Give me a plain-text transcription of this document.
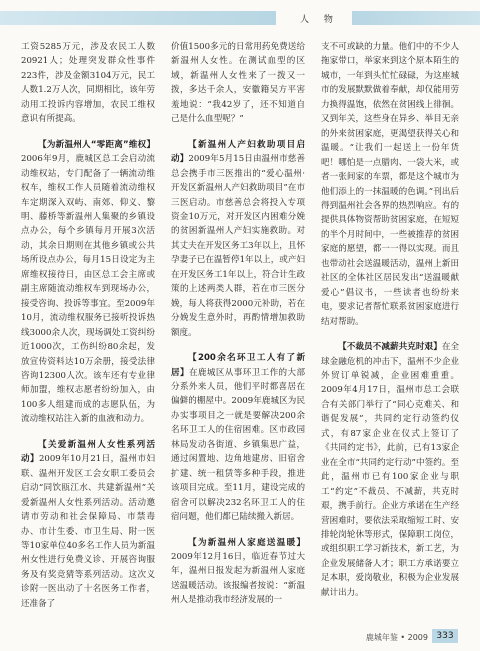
人 物

工资5285万元，涉及农民工人数20921人；处理突发群众性事件223件，涉及金额3104万元，民工人数1.2万人次，同期相比，该年劳动用工投诉内容增加，农民工维权意识有所提高。

【为新温州人“零距离”维权】2006年9月，鹿城区总工会启动流动维权站，专门配备了一辆流动维权车，维权工作人员随着流动维权车定期深入双屿、南郊、仰义、黎明、藤桥等新温州人集聚的乡镇设点办公，每个乡镇每月开展3次活动，其余日期则在其他乡镇或公共场所设点办公，每月15日设定为主席维权接待日，由区总工会主席或副主席随流动维权车到现场办公，接受咨询、投诉等事宜。至2009年10月，流动维权服务已接听投诉热线3000余人次，现场调处工资纠纷近1000次，工伤纠纷80余起，发放宣传资料达10万余册，接受法律咨询12300人次。该车还有专业律师加盟，维权志愿者纷纷加入，由100多人组建而成的志愿队伍，为流动维权站注入新的血液和动力。

【关爱新温州人女性系列活动】2009年10月21日，温州市妇联、温州开发区工会女职工委员会启动“同饮瓯江水、共建新温州”关爱新温州人女性系列活动。活动邀请市劳动和社会保障局、市禁毒办、市计生委、市卫生局、附一医等10家单位40多名工作人员为新温州女性进行免费义诊、开展咨询服务及有奖竞猜等系列活动。这次义诊附一医出动了十名医务工作者，还准备了

价值1500多元的日常用药免费送给新温州人女性。在测试血型的区域，新温州人女性来了一拨又一拨，多达千余人，安徽籍吴方平害羞地说：“我42岁了，还不知道自己是什么血型呢？”

【新温州人产妇救助项目启动】2009年5月15日由温州市慈善总会携手市三医推出的“爱心温州·开发区新温州人产妇救助项目”在市三医启动。市慈善总会将投入专项资金10万元，对开发区内困难分娩的贫困新温州人产妇实施救助。对其丈夫在开发区务工3年以上，且怀孕妻子已在温暂停1年以上，或产妇在开发区务工1年以上，符合计生政策的上述两类人群，若在市三医分娩，每人将获得2000元补助，若在分娩发生意外时，再酌情增加救助额度。

【200余名环卫工人有了新居】在鹿城区从事环卫工作的大部分系外来人员，他们平时都喜居在偏僻的棚屋中。2009年鹿城区为民办实事项目之一就是要解决200余名环卫工人的住宿困难。区市政园林局发动各街道、乡镇集思广益，通过闲置地、边角地建房、旧宿舍扩建、统一租赁等多种手段，推进该项目完成。至11月，建设完成的宿舍可以解决232名环卫工人的住宿问题，他们都已陆续搬入新居。

【为新温州人家庭送温暖】2009年12月16日，临近春节过大年，温州日报发起为新温州人家庭送温暖活动。该报编者按说：“新温州人是推动我市经济发展的一

支不可或缺的力量。他们中的不少人拖家带口，举家来到这个原本陌生的城市，一年到头忙忙碌碌，为这座城市的发展默默做着奉献，却仅能用劳力换得温饱，依然在贫困线上徘徊。又到年关，这些身在异乡、举目无亲的外来贫困家庭，更渴望获得关心和温暖。“让我们一起送上一份年货吧！哪怕是一点腊肉、一袋大米，或者一张间家的车票，都是这个城市为他们添上的一抹温暖的色调。”刊出后得到温州社会各界的热烈响应。有的提供具体物资帮助贫困家庭，在短短的半个月时间中，一些被推荐的贫困家庭的愿望，都一一得以实现。而且也带动社会送温暖活动，温州上新田社区的全体社区居民发出“送温暖献爱心”倡议书，一些读者也纷纷来电，要求记者帮忙联系贫困家庭进行结对帮助。

【不裁员不减薪共克时艰】在全球金融危机的冲击下，温州不少企业外贸订单锐减，企业困难重重。2009年4月17日，温州市总工会联合有关部门举行了“同心克难关、和谐促发展”，共同约定行动签约仪式，有87家企业在仪式上签订了《共同约定书》，此前，已有13家企业在全市“共同约定行动”中签约。至此，温州市已有100家企业与职工“约定”不裁员、不减薪，共克时艰，携手前行。企业方承诺在生产经营困难时，要依法采取缩短工时、安排轮岗轮休等形式，保障职工岗位，或组织职工学习新技术，新工艺，为企业发展储备人才；职工方承诺要立足本职，爱岗敬业，积极为企业发展献计出力。

鹿城年鉴 • 2009 333
